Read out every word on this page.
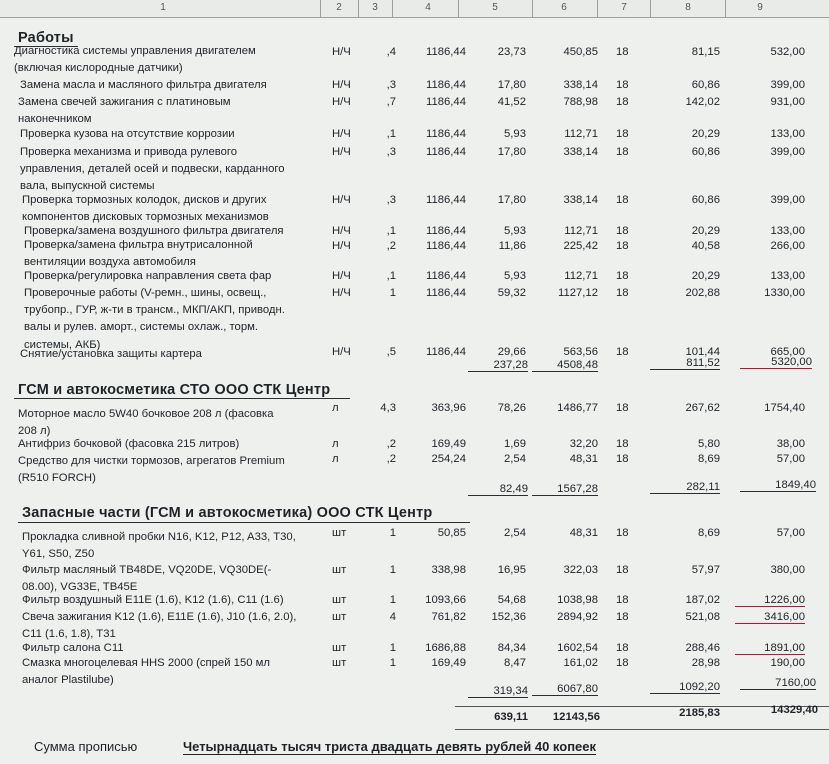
1	2	3	4	5	6	7	8	9
Работы
Диагностика системы управления двигателем
(включая кислородные датчики)
Н/Ч	,4	1186,44	23,73	450,85 18	81,15	532,00
Замена масла и масляного фильтра двигателя	Н/Ч	,3	1186,44	17,80	338,14 18	60,86	399,00
Замена свечей зажигания с платиновым
наконечником
Н/Ч	,7	1186,44	41,52	788,98 18	142,02	931,00
Проверка кузова на отсутствие коррозии	Н/Ч	,1	1186,44	5,93	112,71 18	20,29	133,00
Проверка механизма и привода рулевого
управления, деталей осей и подвески, карданного
вала, выпускной системы
Н/Ч	,3	1186,44	17,80	338,14 18	60,86	399,00
Проверка тормозных колодок, дисков и других
компонентов дисковых тормозных механизмов
Н/Ч	,3	1186,44	17,80	338,14 18	60,86	399,00
Проверка/замена воздушного фильтра двигателя	Н/Ч	,1	1186,44	5,93	112,71 18	20,29	133,00
Проверка/замена фильтра внутрисалонной
вентиляции воздуха автомобиля
Н/Ч	,2	1186,44	11,86	225,42 18	40,58	266,00
Проверка/регулировка направления света фар	Н/Ч	,1	1186,44	5,93	112,71 18	20,29	133,00
Проверочные работы (V-ремн., шины, освещ.,
трубопр., ГУР, ж-ти в трансм., МКП/АКП, приводн.
валы и рулев. аморт., системы охлаж., торм.
системы, АКБ)
Н/Ч	1	1186,44	59,32	1127,12 18	202,88	1330,00
Снятие/установка защиты картера	Н/Ч	,5	1186,44	29,66	563,56 18	101,44	665,00
237,28	4508,48	811,52	5320,00
ГСМ и автокосметика СТО ООО СТК Центр
Моторное масло 5W40 бочковое 208 л (фасовка
208 л)
л	4,3	363,96	78,26	1486,77 18	267,62	1754,40
Антифриз бочковой (фасовка 215 литров)	л	,2	169,49	1,69	32,20 18	5,80	38,00
Средство для чистки тормозов, агрегатов Premium
(R510 FORCH)
л	,2	254,24	2,54	48,31 18	8,69	57,00
82,49	1567,28	282,11	1849,40
Запасные части (ГСМ и автокосметика) ООО СТК Центр
Прокладка сливной пробки N16, K12, P12, A33, T30,
Y61, S50, Z50
шт	1	50,85	2,54	48,31 18	8,69	57,00
Фильтр масляный TB48DE, VQ20DE, VQ30DE(-
08.00), VG33E, TB45E
шт	1	338,98	16,95	322,03 18	57,97	380,00
Фильтр воздушный E11E (1.6), K12 (1.6), C11 (1.6)	шт	1	1093,66	54,68	1038,98 18	187,02	1226,00
Свеча зажигания K12 (1.6), E11E (1.6), J10 (1.6, 2.0),
C11 (1.6, 1.8), T31
шт	4	761,82	152,36	2894,92 18	521,08	3416,00
Фильтр салона C11	шт	1	1686,88	84,34	1602,54 18	288,46	1891,00
Смазка многоцелевая HHS 2000 (спрей 150 мл
аналог Plastilube)
шт	1	169,49	8,47	161,02 18	28,98	190,00
319,34	6067,80	1092,20	7160,00
639,11	12143,56	2185,83	14329,40
Сумма прописью	Четырнадцать тысяч триста двадцать девять рублей 40 копеек
